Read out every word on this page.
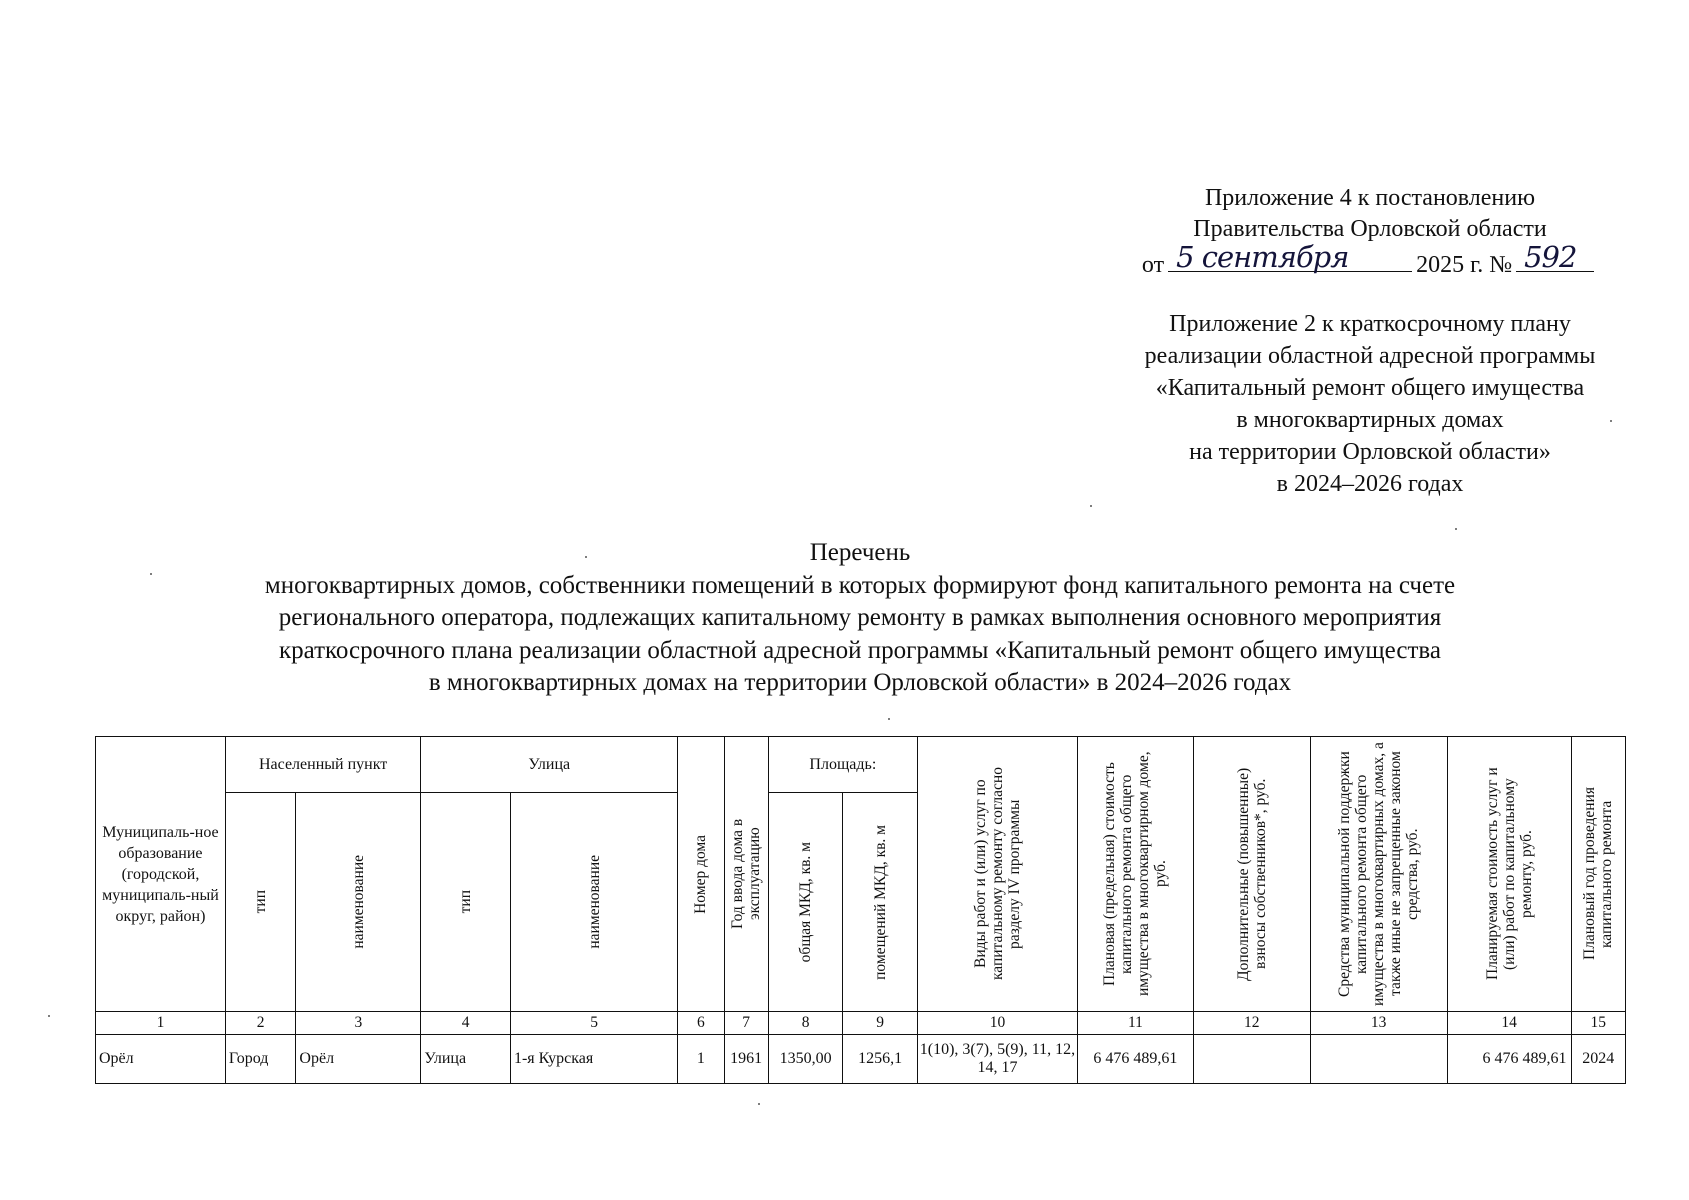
Приложение 4 к постановлению
Правительства Орловской области
от 5 сентября	2025 г. № 592
Приложение 2 к краткосрочному плану
реализации областной адресной программы
«Капитальный ремонт общего имущества
в многоквартирных домах
на территории Орловской области»
в 2024–2026 годах
Перечень
многоквартирных домов, собственники помещений в которых формируют фонд капитального ремонта на счете
регионального оператора, подлежащих капитальному ремонту в рамках выполнения основного мероприятия
краткосрочного плана реализации областной адресной программы «Капитальный ремонт общего имущества
в многоквартирных домах на территории Орловской области» в 2024–2026 годах
Муниципаль-ное образование (городской, муниципаль-ный округ, район)	Населенный пункт		Улица		Номер дома	Год ввода дома в эксплуатацию	Площадь:		Виды работ и (или) услуг по капитальному ремонту согласно разделу IV программы	Плановая (предельная) стоимость капитального ремонта общего имущества в многоквартирном доме, руб.	Дополнительные (повышенные) взносы собственников*, руб.	Средства муниципальной поддержки капитального ремонта общего имущества в многоквартирных домах, а также иные не запрещенные законом средства, руб.	Планируемая стоимость услуг и (или) работ по капитальному ремонту, руб.	Плановый год проведения капитального ремонта

	тип	наименование	тип	наименование			общая МКД, кв. м	помещений МКД, кв. м						

1	2	3	4	5	6	7	8	9	10	11	12	13	14	15
Орёл	Город	Орёл	Улица	1-я Курская	1	1961	1350,00	1256,1	1(10), 3(7), 5(9), 11, 12, 14, 17	6 476 489,61			6 476 489,61	2024
